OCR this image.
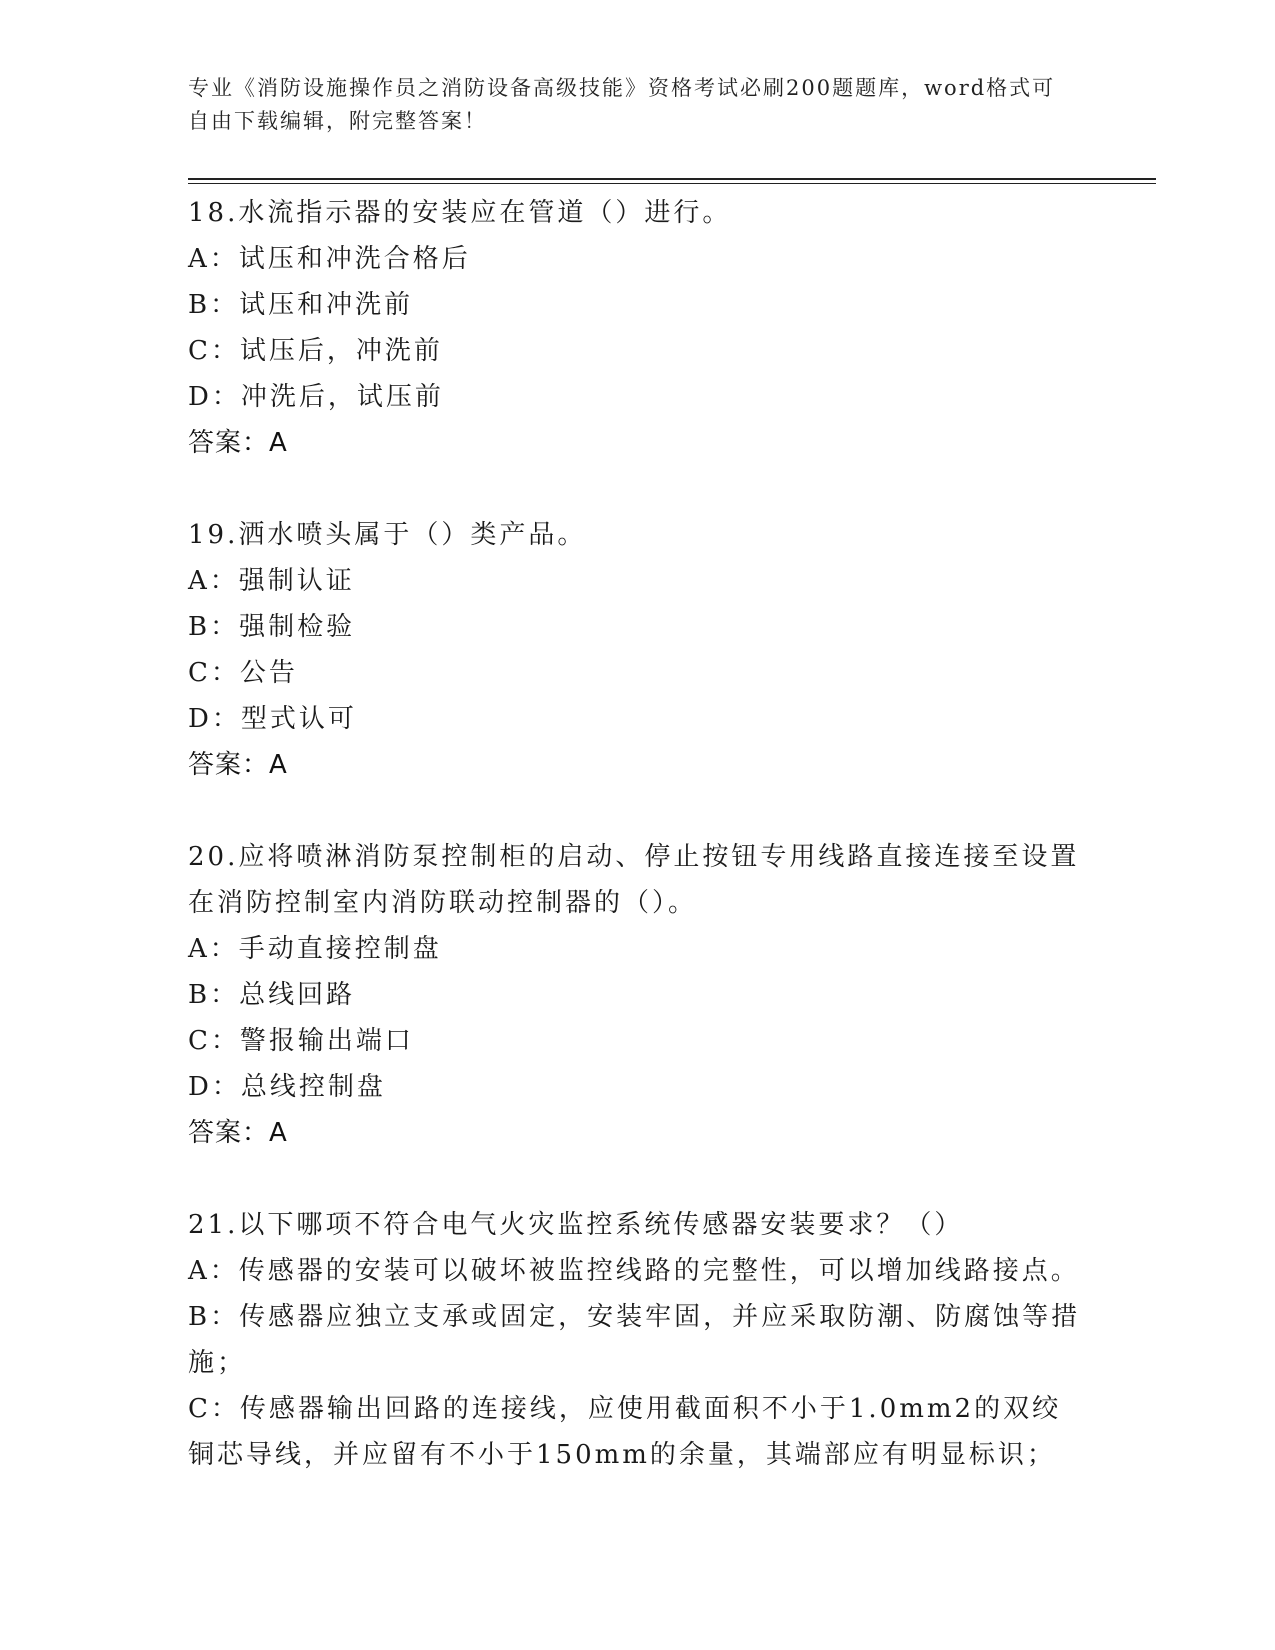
专业《消防设施操作员之消防设备高级技能》资格考试必刷200题题库，word格式可自由下载编辑，附完整答案！
18.水流指示器的安装应在管道（）进行。
A：试压和冲洗合格后
B：试压和冲洗前
C：试压后，冲洗前
D：冲洗后，试压前
答案：A
19.洒水喷头属于（）类产品。
A：强制认证
B：强制检验
C：公告
D：型式认可
答案：A
20.应将喷淋消防泵控制柜的启动、停止按钮专用线路直接连接至设置在消防控制室内消防联动控制器的（）。
A：手动直接控制盘
B：总线回路
C：警报输出端口
D：总线控制盘
答案：A
21.以下哪项不符合电气火灾监控系统传感器安装要求？（）
A：传感器的安装可以破坏被监控线路的完整性，可以增加线路接点。
B：传感器应独立支承或固定，安装牢固，并应采取防潮、防腐蚀等措施；
C：传感器输出回路的连接线，应使用截面积不小于1.0mm2的双绞铜芯导线，并应留有不小于150mm的余量，其端部应有明显标识；
